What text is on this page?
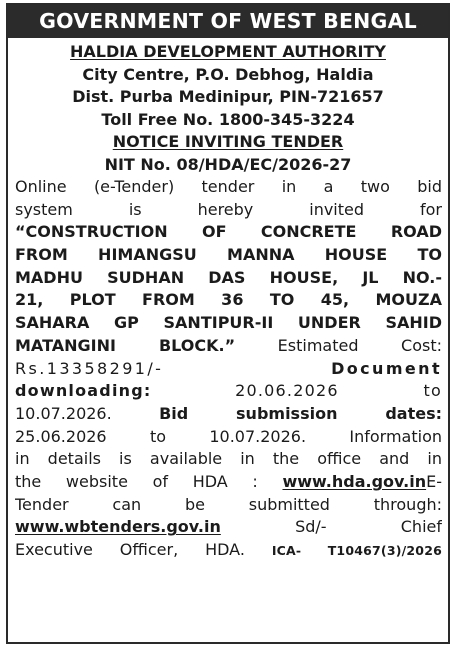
GOVERNMENT OF WEST BENGAL

HALDIA DEVELOPMENT AUTHORITY

City Centre, P.O. Debhog, Haldia

Dist. Purba Medinipur, PIN-721657

Toll Free No. 1800-345-3224

NOTICE INVITING TENDER

NIT No. 08/HDA/EC/2026-27

Online (e-Tender) tender in a two bid
system is hereby invited for
“CONSTRUCTION OF CONCRETE ROAD
FROM HIMANGSU MANNA HOUSE TO
MADHU SUDHAN DAS HOUSE, JL NO.-
21, PLOT FROM 36 TO 45, MOUZA
SAHARA GP SANTIPUR-II UNDER SAHID
MATANGINI BLOCK.”	Estimated Cost:
Rs.13358291/-	Document
downloading:	20.06.2026 to
10.07.2026.	Bid submission dates:
25.06.2026 to 10.07.2026.	Information
in details is available in the office and in
the website of HDA : www.hda.gov.inE-
Tender can be submitted through:
www.wbtenders.gov.in	Sd/- Chief
Executive Officer, HDA. ICA- T10467(3)/2026
